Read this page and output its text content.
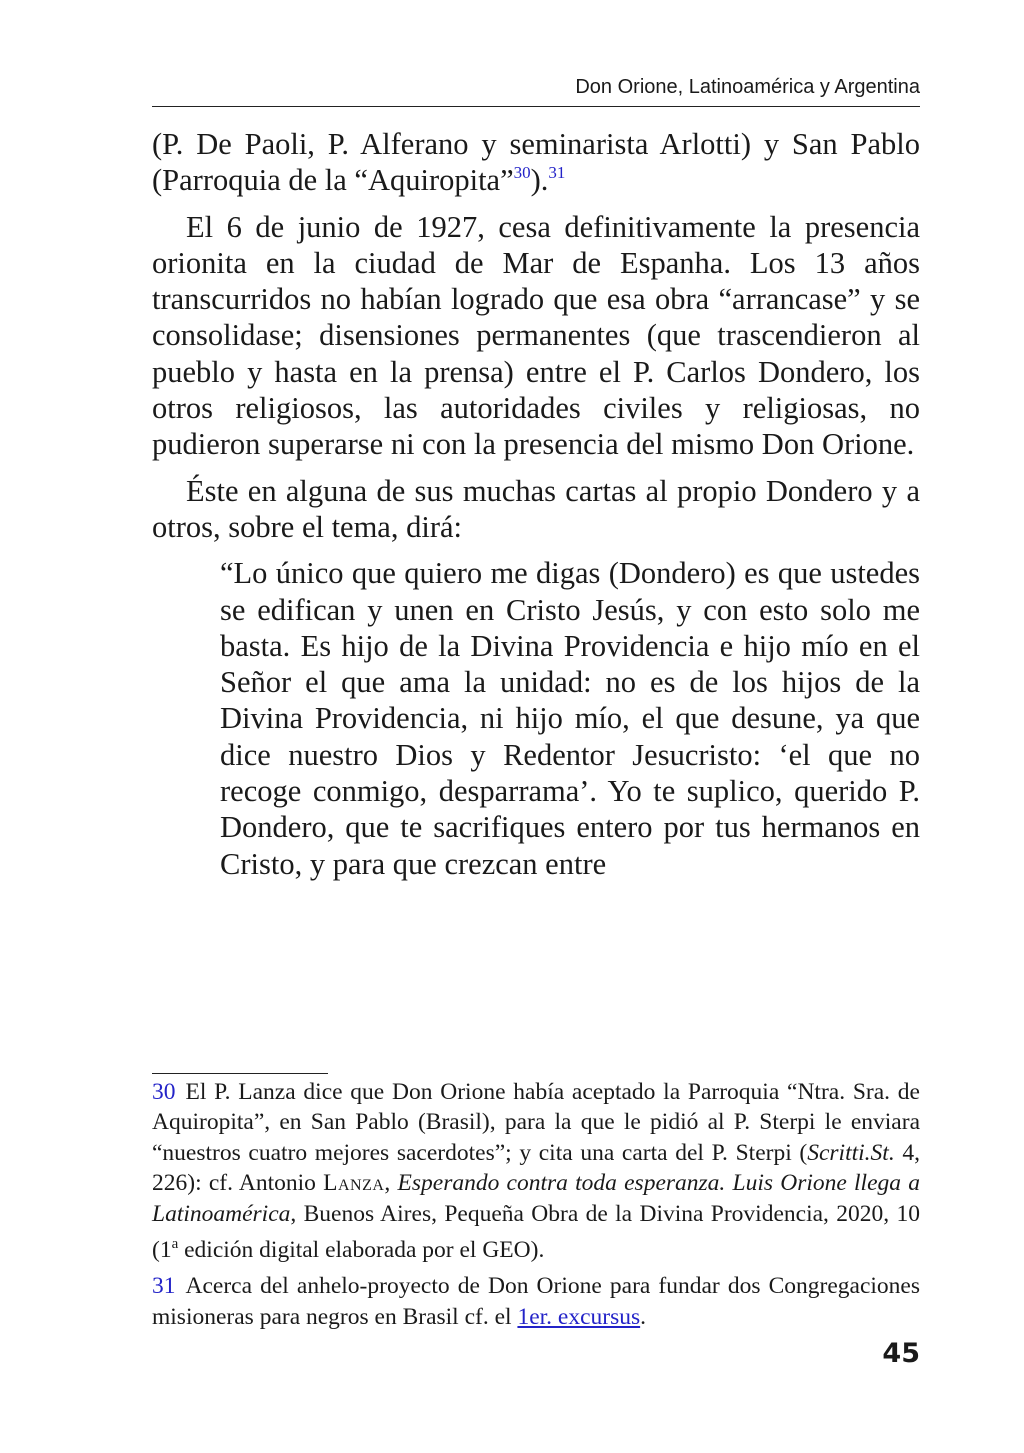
Don Orione, Latinoamérica y Argentina

(P. De Paoli, P. Alferano y seminarista Arlotti) y San Pablo (Parroquia de la “Aquiropita”$^{30}$).$^{31}$

El 6 de junio de 1927, cesa definitivamente la presencia orionita en la ciudad de Mar de Espanha. Los 13 años transcurridos no habían logrado que esa obra “arrancase” y se consolidase; disensiones permanentes (que trascendieron al pueblo y hasta en la prensa) entre el P. Carlos Dondero, los otros religiosos, las autoridades civiles y religiosas, no pudieron superarse ni con la presencia del mismo Don Orione.

Éste en alguna de sus muchas cartas al propio Dondero y a otros, sobre el tema, dirá:

“Lo único que quiero me digas (Dondero) es que ustedes se edifican y unen en Cristo Jesús, y con esto solo me basta. Es hijo de la Divina Providencia e hijo mío en el Señor el que ama la unidad: no es de los hijos de la Divina Providencia, ni hijo mío, el que desune, ya que dice nuestro Dios y Redentor Jesucristo: ‘el que no recoge conmigo, desparrama’. Yo te suplico, querido P. Dondero, que te sacrifiques entero por tus hermanos en Cristo, y para que crezcan entre

30 El P. Lanza dice que Don Orione había aceptado la Parroquia “Ntra. Sra. de Aquiropita”, en San Pablo (Brasil), para la que le pidió al P. Sterpi le enviara “nuestros cuatro mejores sacerdotes”; y cita una carta del P. Sterpi (Scritti.St. 4, 226): cf. Antonio Lanza, Esperando contra toda esperanza. Luis Orione llega a Latinoamérica, Buenos Aires, Pequeña Obra de la Divina Providencia, 2020, 10 (1$^a$ edición digital elaborada por el GEO).

31 Acerca del anhelo-proyecto de Don Orione para fundar dos Congregaciones misioneras para negros en Brasil cf. el 1er. excursus.

45
